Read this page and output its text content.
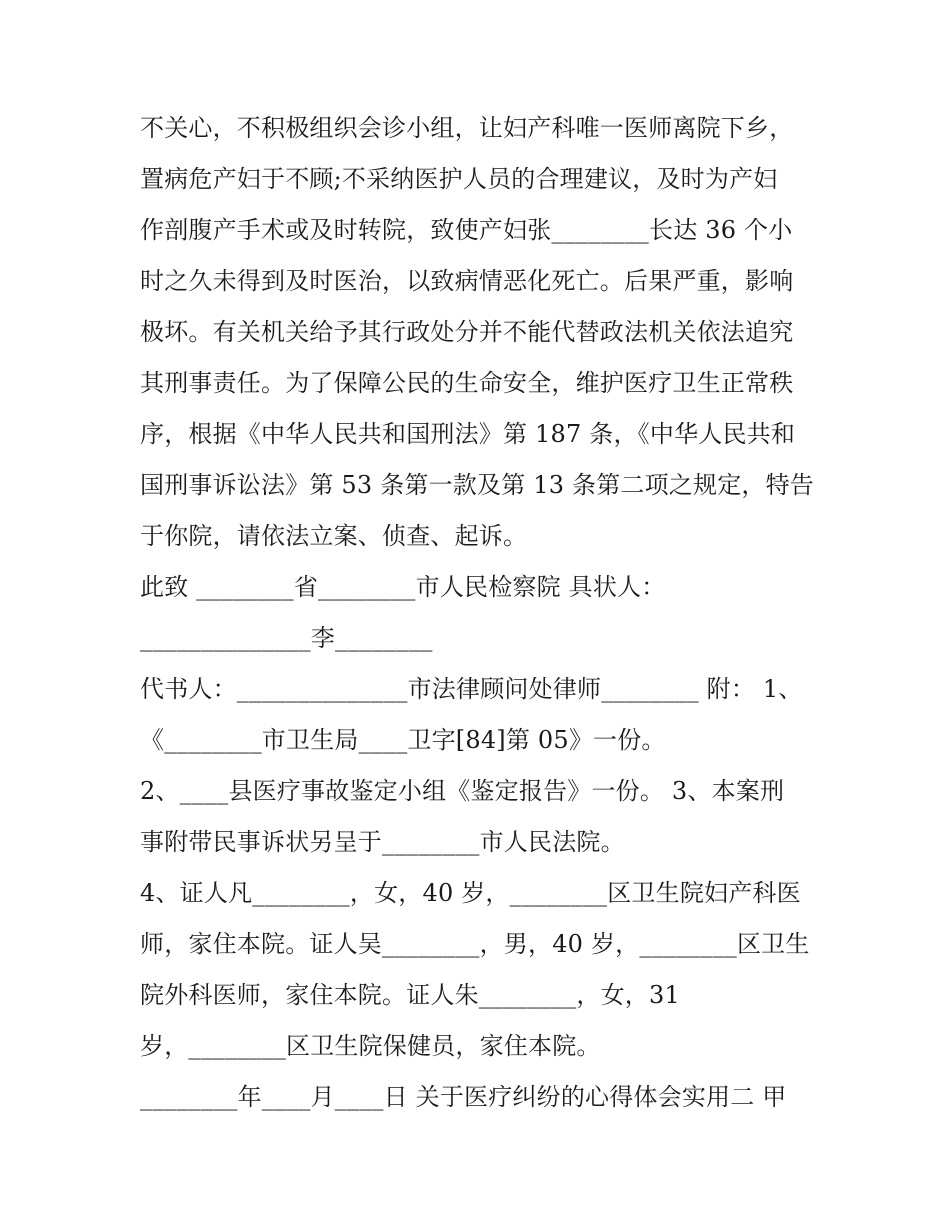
不关心，不积极组织会诊小组，让妇产科唯一医师离院下乡，

置病危产妇于不顾;不采纳医护人员的合理建议，及时为产妇

作剖腹产手术或及时转院，致使产妇张________长达 36 个小

时之久未得到及时医治，以致病情恶化死亡。后果严重，影响

极坏。有关机关给予其行政处分并不能代替政法机关依法追究

其刑事责任。为了保障公民的生命安全，维护医疗卫生正常秩

序，根据《中华人民共和国刑法》第 187 条，《中华人民共和

国刑事诉讼法》第 53 条第一款及第 13 条第二项之规定，特告

于你院，请依法立案、侦查、起诉。

此致 ________省________市人民检察院 具状人：

______________李________

代书人：______________市法律顾问处律师________ 附： 1、

《________市卫生局____卫字[84]第 05》一份。

2、____县医疗事故鉴定小组《鉴定报告》一份。 3、本案刑

事附带民事诉状另呈于________市人民法院。

4、证人凡________，女，40 岁，________区卫生院妇产科医

师，家住本院。证人吴________，男，40 岁，________区卫生

院外科医师，家住本院。证人朱________，女，31

岁，________区卫生院保健员，家住本院。

________年____月____日 关于医疗纠纷的心得体会实用二 甲
